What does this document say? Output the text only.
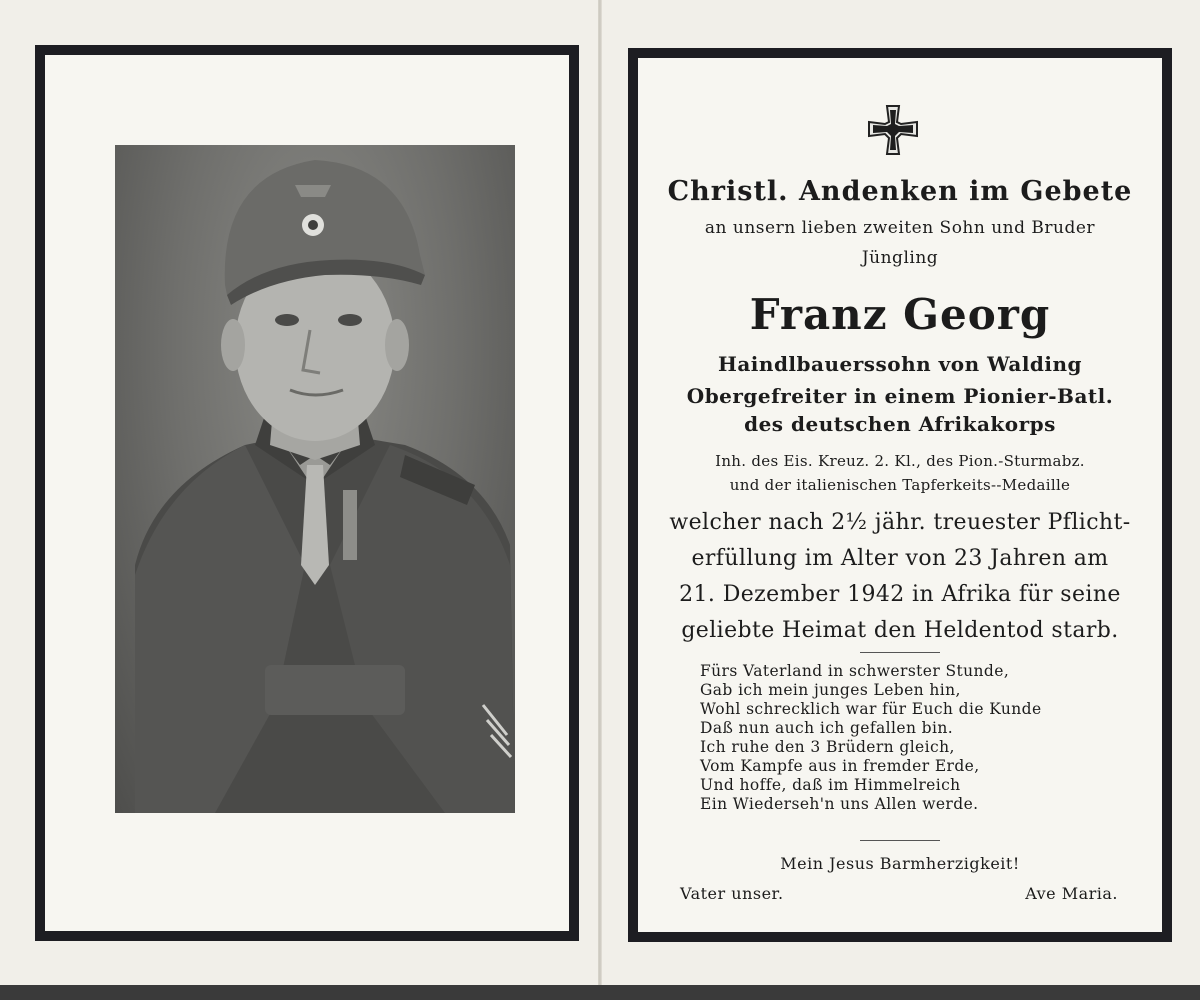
Christl. Andenken im Gebete
an unsern lieben zweiten Sohn und Bruder
Jüngling
Franz Georg
Haindlbauerssohn von Walding
Obergefreiter in einem Pionier-Batl.
des deutschen Afrikakorps
Inh. des Eis. Kreuz. 2. Kl., des Pion.-Sturmabz.
und der italienischen Tapferkeits--Medaille
welcher nach 2½ jähr. treuester Pflicht-
erfüllung im Alter von 23 Jahren am
21. Dezember 1942 in Afrika für seine
geliebte Heimat den Heldentod starb.
Fürs Vaterland in schwerster Stunde,
Gab ich mein junges Leben hin,
Wohl schrecklich war für Euch die Kunde
Daß nun auch ich gefallen bin.
Ich ruhe den 3 Brüdern gleich,
Vom Kampfe aus in fremder Erde,
Und hoffe, daß im Himmelreich
Ein Wiederseh'n uns Allen werde.
Mein Jesus Barmherzigkeit!
Vater unser.	Ave Maria.
